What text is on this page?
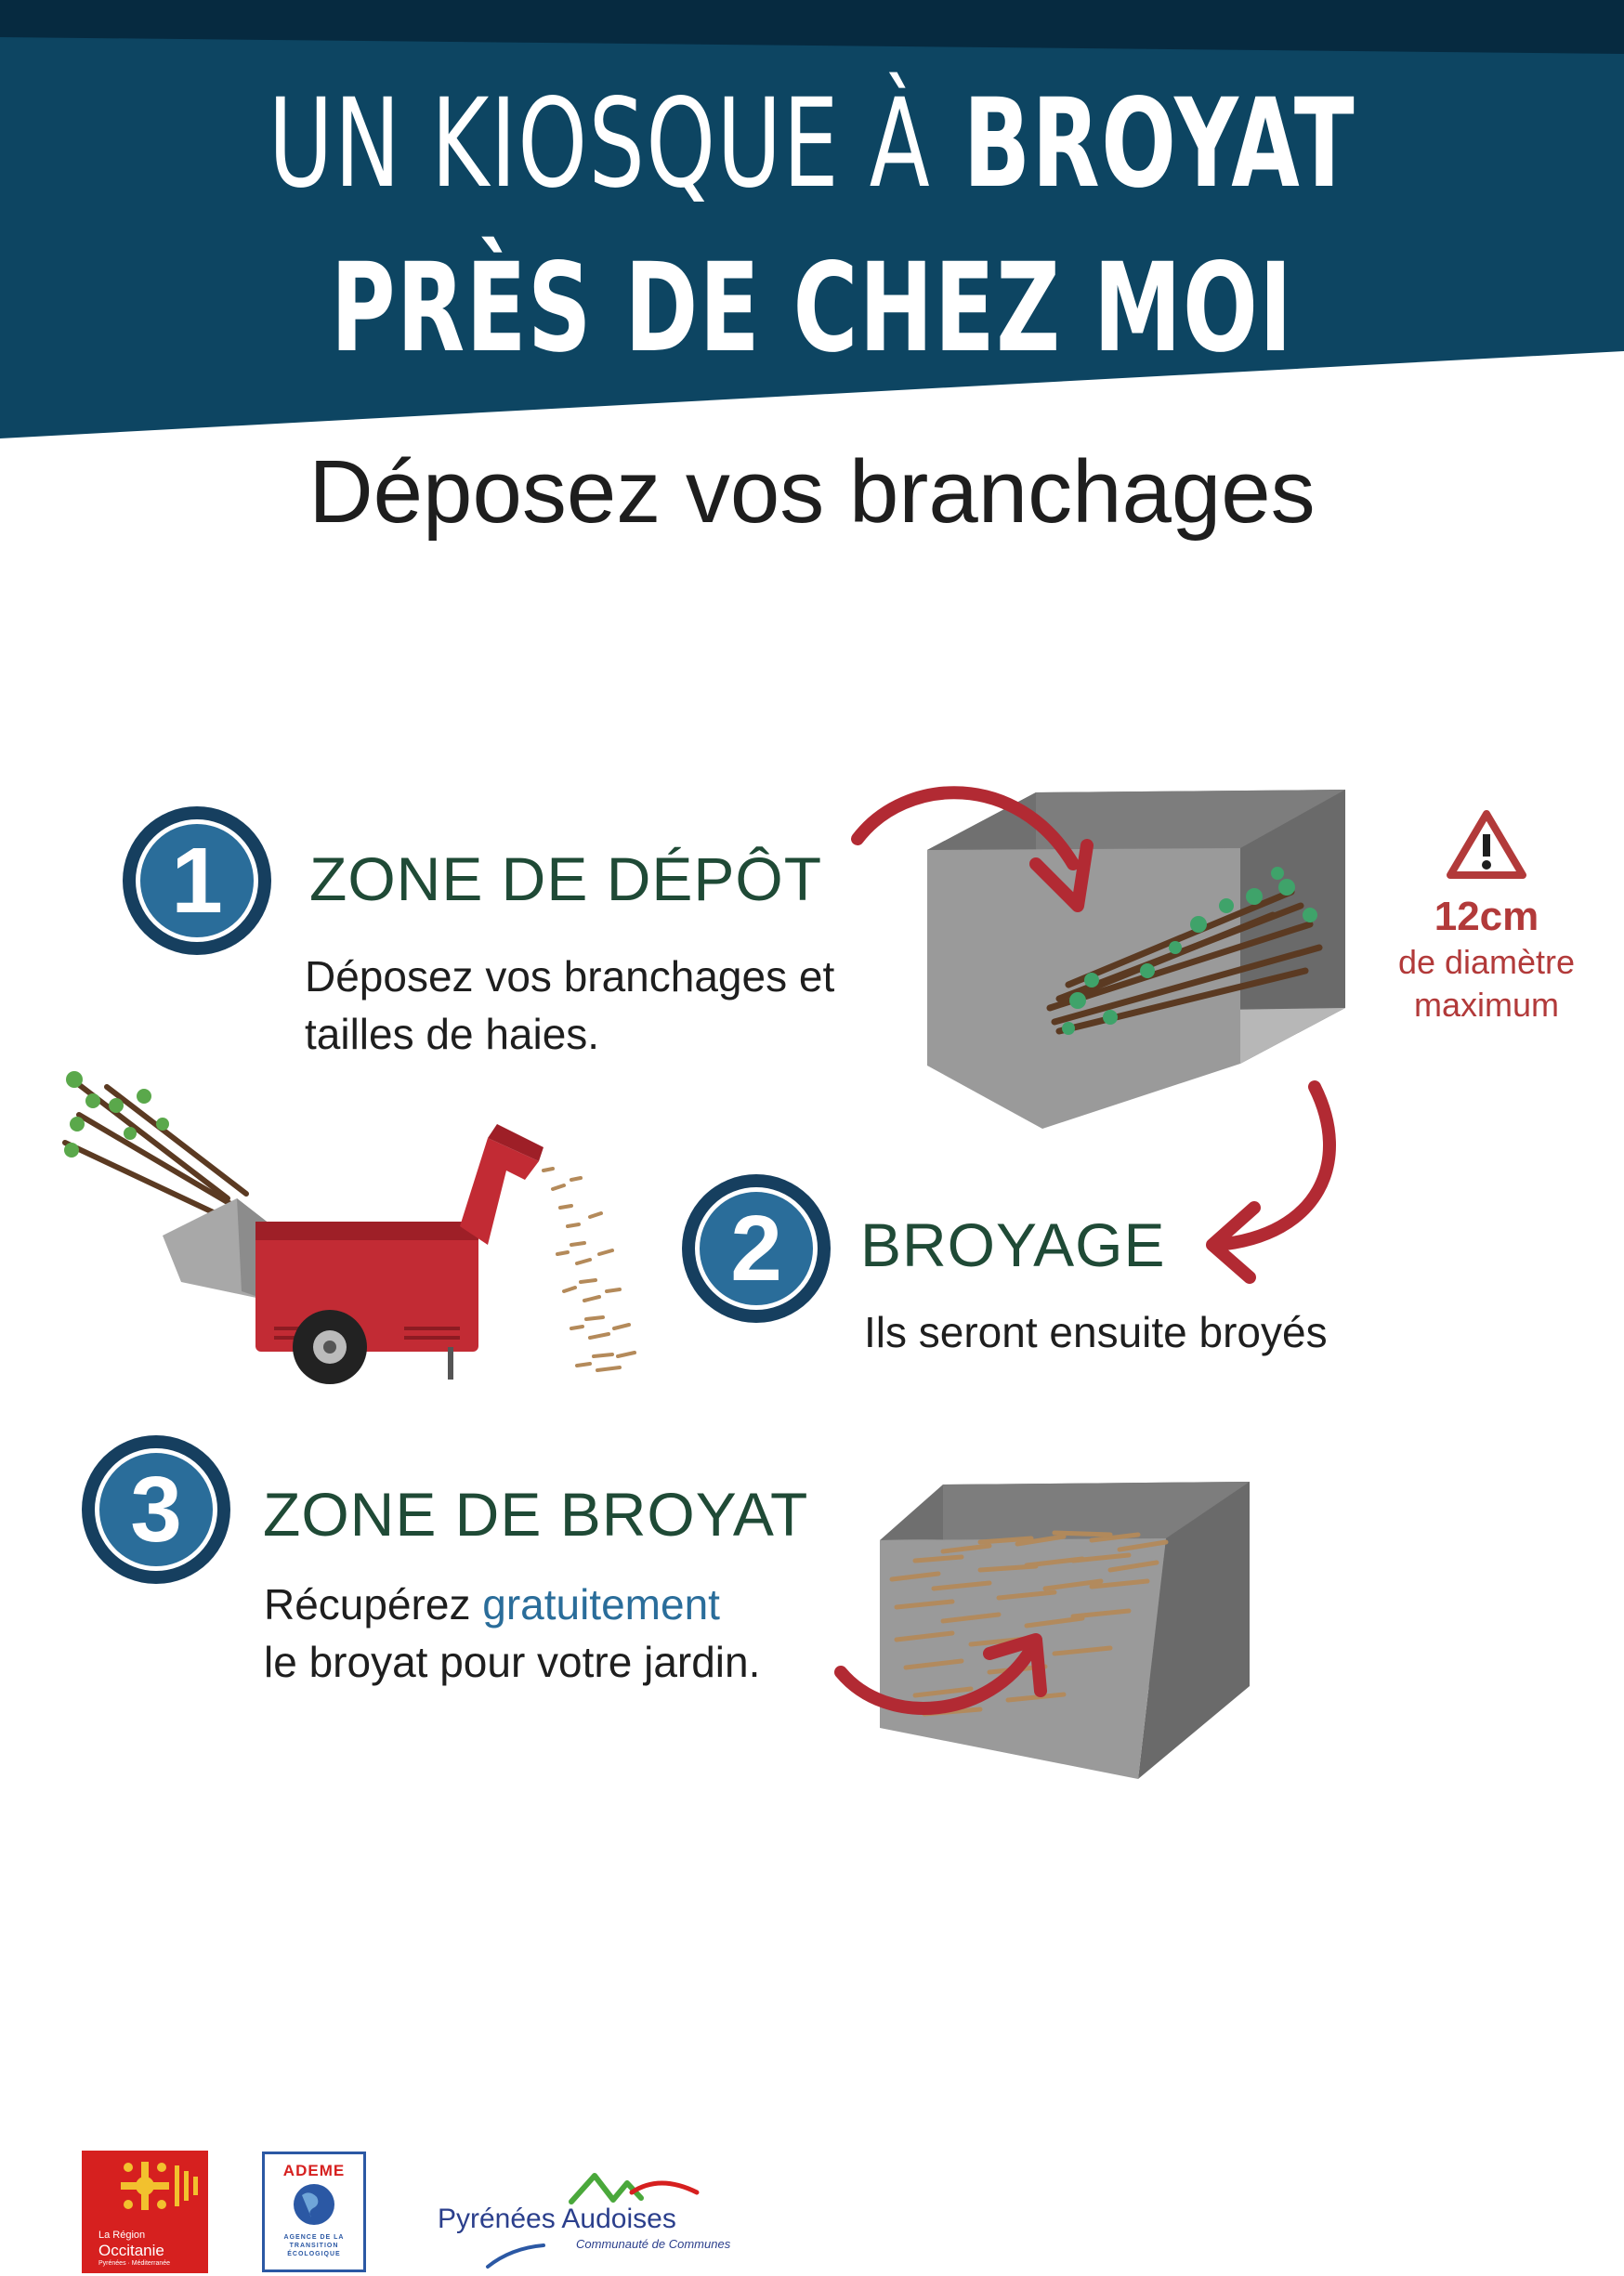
UN KIOSQUE À BROYAT
PRÈS DE CHEZ MOI
Déposez vos branchages
1	ZONE DE DÉPÔT
Déposez vos branchages et
tailles de haies.
12cm
de diamètre
maximum
2	BROYAGE
Ils seront ensuite broyés
3	ZONE DE BROYAT
Récupérez gratuitement
le broyat pour votre jardin.
La Région
Occitanie
Pyrénées · Méditerranée
ADEME
AGENCE DE LA
TRANSITION
ÉCOLOGIQUE
Pyrénées Audoises
Communauté de Communes
